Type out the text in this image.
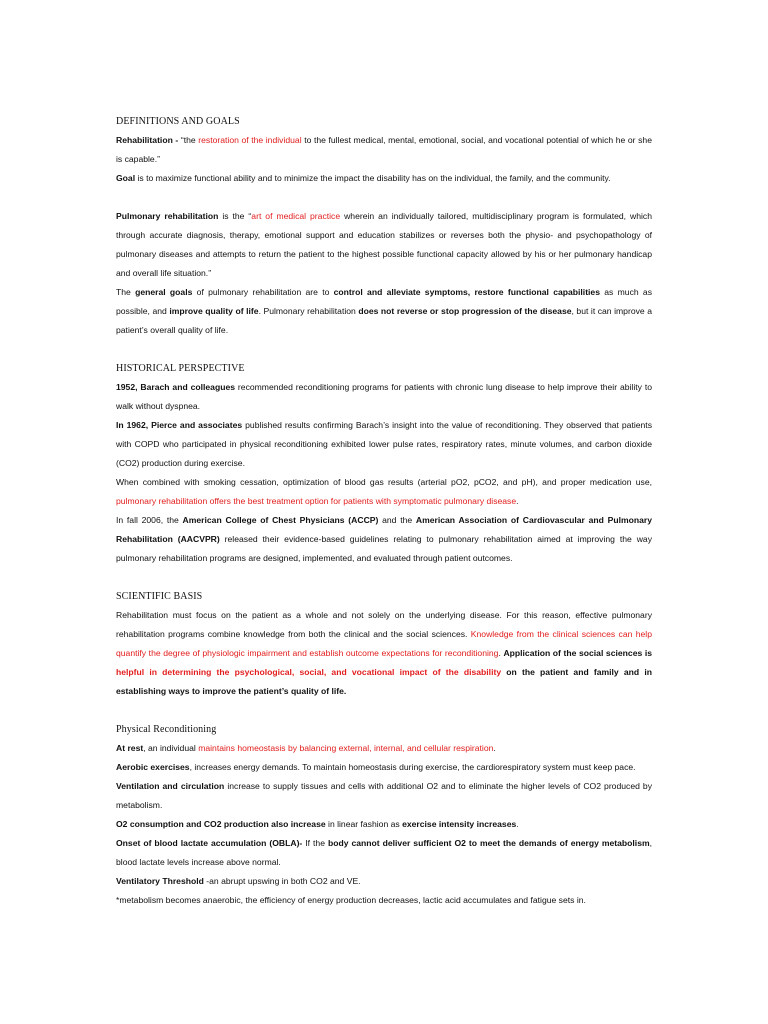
DEFINITIONS AND GOALS

Rehabilitation - “the restoration of the individual to the fullest medical, mental, emotional, social, and vocational potential of which he or she is capable.”

Goal is to maximize functional ability and to minimize the impact the disability has on the individual, the family, and the community.

Pulmonary rehabilitation is the “art of medical practice wherein an individually tailored, multidisciplinary program is formulated, which through accurate diagnosis, therapy, emotional support and education stabilizes or reverses both the physio- and psychopathology of pulmonary diseases and attempts to return the patient to the highest possible functional capacity allowed by his or her pulmonary handicap and overall life situation.”

The general goals of pulmonary rehabilitation are to control and alleviate symptoms, restore functional capabilities as much as possible, and improve quality of life. Pulmonary rehabilitation does not reverse or stop progression of the disease, but it can improve a patient’s overall quality of life.

HISTORICAL PERSPECTIVE

1952, Barach and colleagues recommended reconditioning programs for patients with chronic lung disease to help improve their ability to walk without dyspnea.

In 1962, Pierce and associates published results confirming Barach’s insight into the value of reconditioning. They observed that patients with COPD who participated in physical reconditioning exhibited lower pulse rates, respiratory rates, minute volumes, and carbon dioxide (CO2) production during exercise.

When combined with smoking cessation, optimization of blood gas results (arterial pO2, pCO2, and pH), and proper medication use, pulmonary rehabilitation offers the best treatment option for patients with symptomatic pulmonary disease.

In fall 2006, the American College of Chest Physicians (ACCP) and the American Association of Cardiovascular and Pulmonary Rehabilitation (AACVPR) released their evidence-based guidelines relating to pulmonary rehabilitation aimed at improving the way pulmonary rehabilitation programs are designed, implemented, and evaluated through patient outcomes.

SCIENTIFIC BASIS

Rehabilitation must focus on the patient as a whole and not solely on the underlying disease. For this reason, effective pulmonary rehabilitation programs combine knowledge from both the clinical and the social sciences. Knowledge from the clinical sciences can help quantify the degree of physiologic impairment and establish outcome expectations for reconditioning. Application of the social sciences is helpful in determining the psychological, social, and vocational impact of the disability on the patient and family and in establishing ways to improve the patient’s quality of life.

Physical Reconditioning

At rest, an individual maintains homeostasis by balancing external, internal, and cellular respiration.

Aerobic exercises, increases energy demands. To maintain homeostasis during exercise, the cardiorespiratory system must keep pace.

Ventilation and circulation increase to supply tissues and cells with additional O2 and to eliminate the higher levels of CO2 produced by metabolism.

O2 consumption and CO2 production also increase in linear fashion as exercise intensity increases.

Onset of blood lactate accumulation (OBLA)- If the body cannot deliver sufficient O2 to meet the demands of energy metabolism, blood lactate levels increase above normal.

Ventilatory Threshold -an abrupt upswing in both CO2 and VE.

*metabolism becomes anaerobic, the efficiency of energy production decreases, lactic acid accumulates and fatigue sets in.
